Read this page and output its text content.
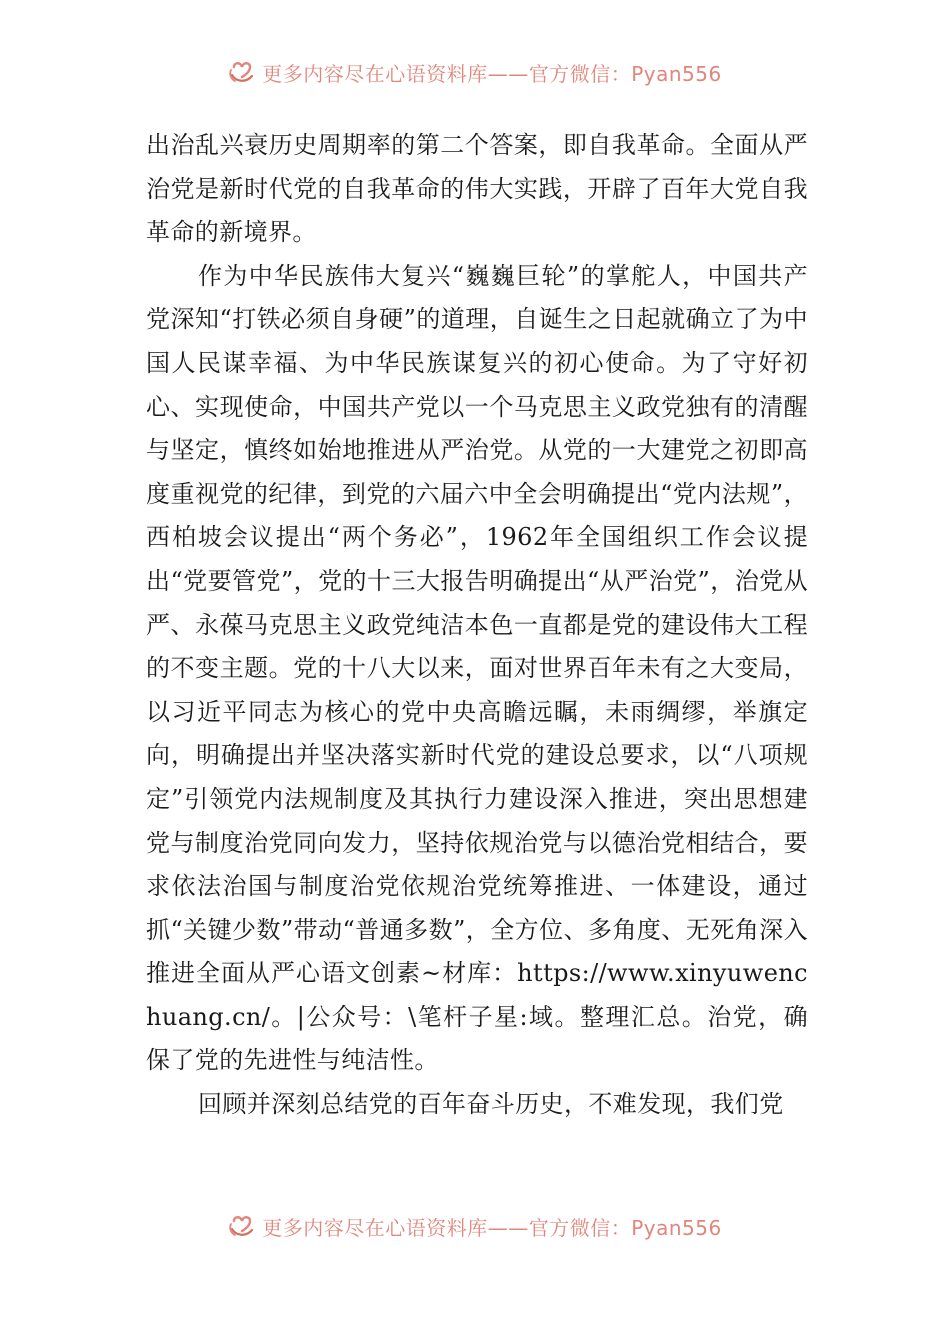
更多内容尽在心语资料库——官方微信：Pyan556

出治乱兴衰历史周期率的第二个答案，即自我革命。全面从严治党是新时代党的自我革命的伟大实践，开辟了百年大党自我革命的新境界。

作为中华民族伟大复兴“巍巍巨轮”的掌舵人，中国共产党深知“打铁必须自身硬”的道理，自诞生之日起就确立了为中国人民谋幸福、为中华民族谋复兴的初心使命。为了守好初心、实现使命，中国共产党以一个马克思主义政党独有的清醒与坚定，慎终如始地推进从严治党。从党的一大建党之初即高度重视党的纪律，到党的六届六中全会明确提出“党内法规”，西柏坡会议提出“两个务必”，1962年全国组织工作会议提出“党要管党”，党的十三大报告明确提出“从严治党”，治党从严、永葆马克思主义政党纯洁本色一直都是党的建设伟大工程的不变主题。党的十八大以来，面对世界百年未有之大变局，以习近平同志为核心的党中央高瞻远瞩，未雨绸缪，举旗定向，明确提出并坚决落实新时代党的建设总要求，以“八项规定”引领党内法规制度及其执行力建设深入推进，突出思想建党与制度治党同向发力，坚持依规治党与以德治党相结合，要求依法治国与制度治党依规治党统筹推进、一体建设，通过抓“关键少数”带动“普通多数”，全方位、多角度、无死角深入推进全面从严心语文创素~材库：https://www.xinyuwenchuang.cn/。|公众号：\笔杆子星:域。整理汇总。治党，确保了党的先进性与纯洁性。

回顾并深刻总结党的百年奋斗历史，不难发现，我们党

更多内容尽在心语资料库——官方微信：Pyan556
